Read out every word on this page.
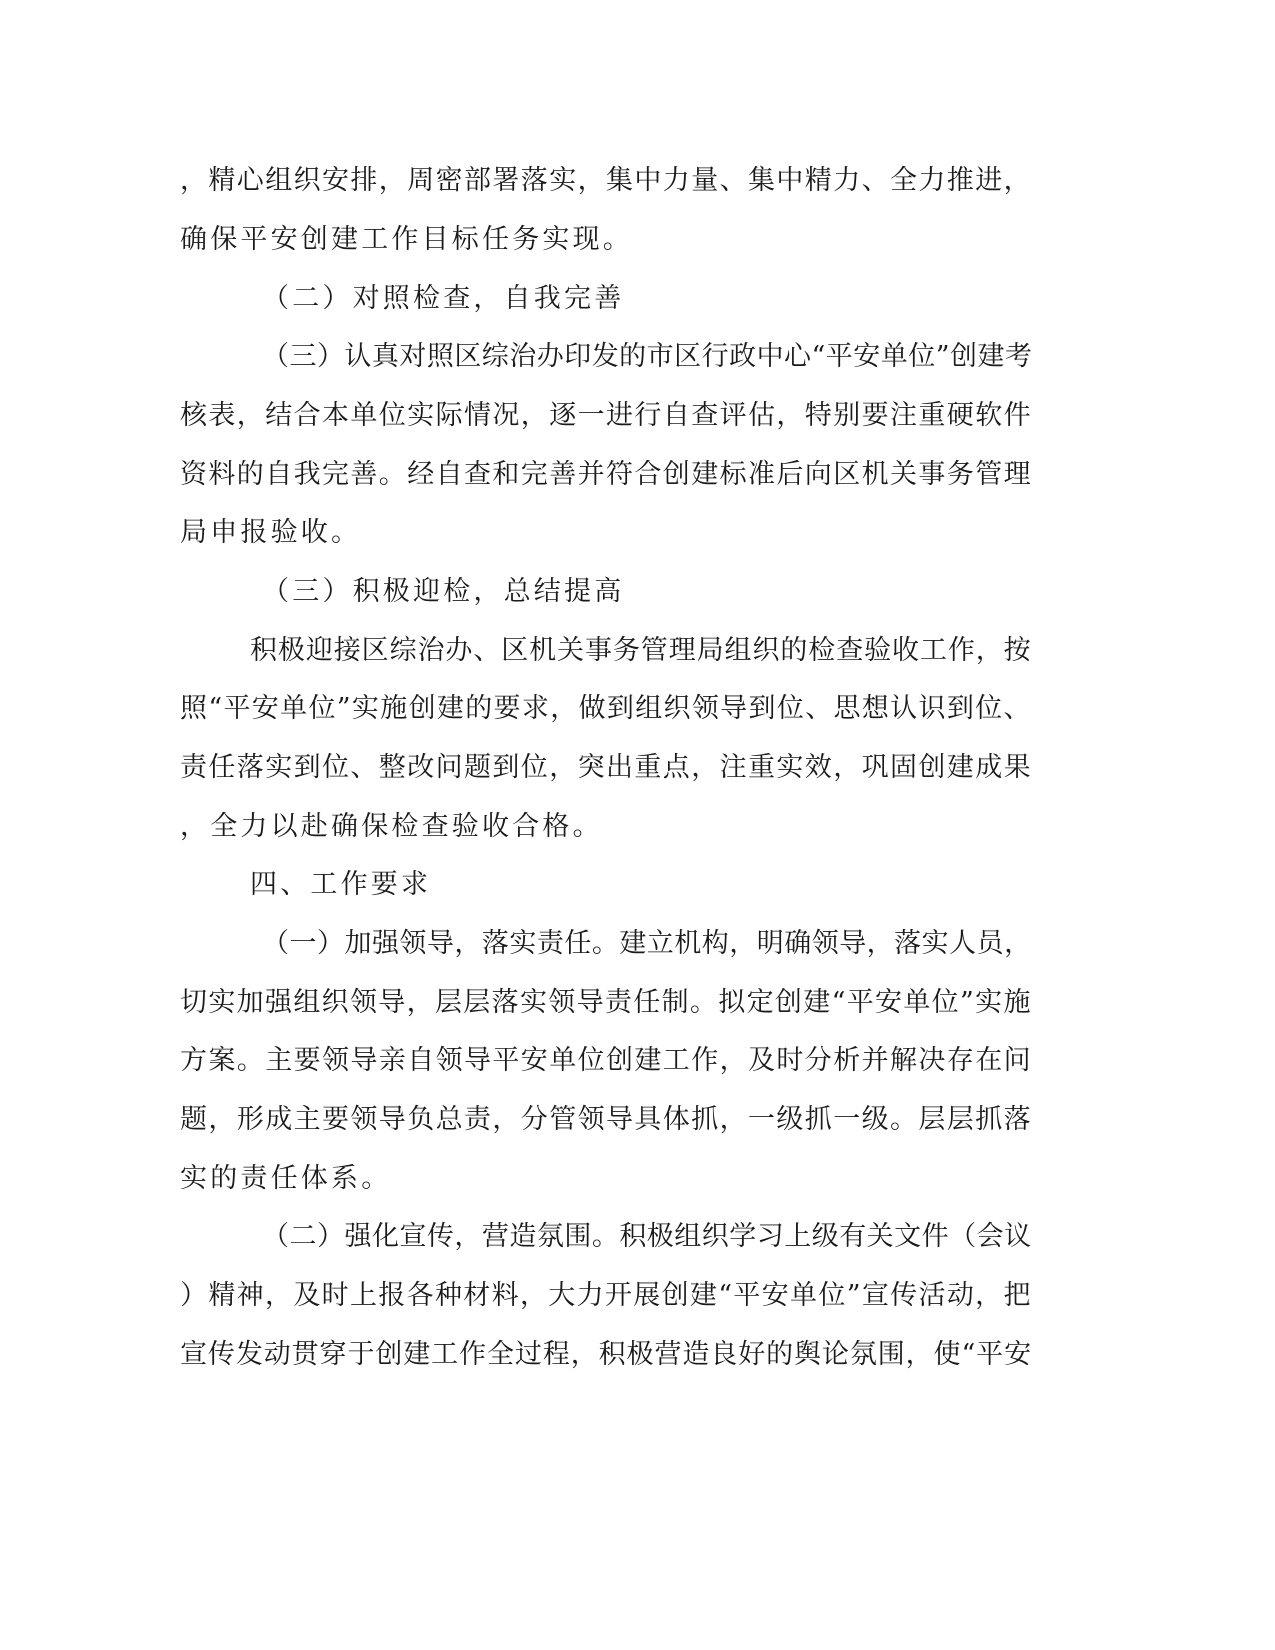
，精心组织安排，周密部署落实，集中力量、集中精力、全力推进，
确保平安创建工作目标任务实现。
（二）对照检查，自我完善
（三）认真对照区综治办印发的市区行政中心“平安单位”创建考
核表，结合本单位实际情况，逐一进行自查评估，特别要注重硬软件
资料的自我完善。经自查和完善并符合创建标准后向区机关事务管理
局申报验收。
（三）积极迎检，总结提高
积极迎接区综治办、区机关事务管理局组织的检查验收工作，按
照“平安单位”实施创建的要求，做到组织领导到位、思想认识到位、
责任落实到位、整改问题到位，突出重点，注重实效，巩固创建成果
，全力以赴确保检查验收合格。
四、工作要求
（一）加强领导，落实责任。建立机构，明确领导，落实人员，
切实加强组织领导，层层落实领导责任制。拟定创建“平安单位”实施
方案。主要领导亲自领导平安单位创建工作，及时分析并解决存在问
题，形成主要领导负总责，分管领导具体抓，一级抓一级。层层抓落
实的责任体系。
（二）强化宣传，营造氛围。积极组织学习上级有关文件（会议
）精神，及时上报各种材料，大力开展创建“平安单位”宣传活动，把
宣传发动贯穿于创建工作全过程，积极营造良好的舆论氛围，使“平安
